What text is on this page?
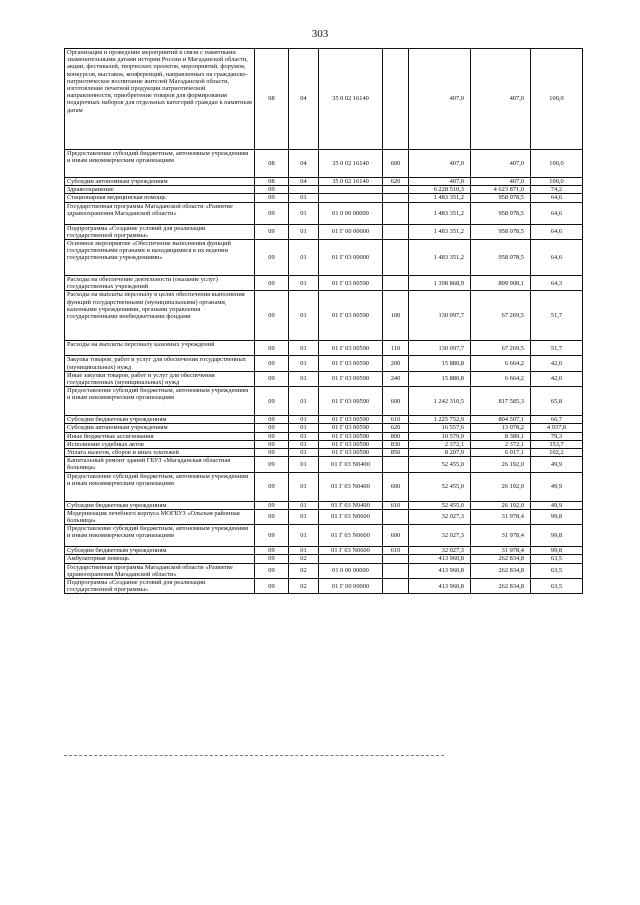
303
Организация и проведение мероприятий в связи с памятными знаменательными датами истории России и Магаданской области, акции, фестивалей, творческих проектов, мероприятий, форумов, конкурсов, выставок, конференций, направленных на гражданско-патриотическое воспитание жителей Магаданской области, изготовление печатной продукции патриотической направленности, приобретение товаров для формирования подарочных наборов для отдельных категорий граждан к памятным датам	08	04	35 0 02 16140		407,0	407,0	100,0
Предоставление субсидий бюджетным, автономным учреждениям и иным некоммерческим организациям	08	04	35 0 02 16140	600	407,0	407,0	100,0
Субсидии автономным учреждениям	08	04	35 0 02 16140	620	407,0	407,0	100,0
Здравоохранение	09				6 228 510,3	4 623 871,0	74,2
Стационарная медицинская помощь	09	01			1 483 351,2	958 078,5	64,6
Государственная программа Магаданской области «Развитие здравоохранения Магаданской области»	09	01	01 0 00 00000		1 483 351,2	958 078,5	64,6
Подпрограмма «Создание условий для реализации государственной программы»	09	01	01 Г 00 00000		1 483 351,2	958 078,5	64,6
Основное мероприятие «Обеспечение выполнения функций государственными органами и находящимися в их ведении государственными учреждениями»	09	01	01 Г 03 00000		1 483 351,2	958 078,5	64,6
Расходы на обеспечение деятельности (оказание услуг) государственных учреждений	09	01	01 Г 03 00590		1 398 868,9	899 908,1	64,3
Расходы на выплаты персоналу в целях обеспечения выполнения функций государственными (муниципальными) органами, казенными учреждениями, органами управления государственными внебюджетными фондами	09	01	01 Г 03 00590	100	130 097,7	67 269,5	51,7
Расходы на выплаты персоналу казенных учреждений	09	01	01 Г 03 00590	110	130 097,7	67 269,5	51,7
Закупка товаров, работ и услуг для обеспечения государственных (муниципальных) нужд	09	01	01 Г 03 00590	200	15 880,8	6 664,2	42,0
Иные закупки товаров, работ и услуг для обеспечения государственных (муниципальных) нужд	09	01	01 Г 03 00590	240	15 880,8	6 664,2	42,0
Предоставление субсидий бюджетным, автономным учреждениям и иным некоммерческим организациям	09	01	01 Г 03 00590	600	1 242 310,5	817 585,3	65,8
Субсидии бюджетным учреждениям	09	01	01 Г 03 00590	610	1 225 752,9	804 507,1	66,7
Субсидии автономным учреждениям	09	01	01 Г 03 00590	620	16 557,6	13 078,2	4 937,8
Иные бюджетные ассигнования	09	01	01 Г 03 00590	800	10 579,9	8 389,1	79,3
Исполнение судебных актов	09	01	01 Г 03 00590	830	2 372,1	2 372,1	353,7
Уплата налогов, сборов и иных платежей	09	01	01 Г 03 00590	850	8 207,9	6 017,1	102,2
Капитальный ремонт зданий ГБУЗ «Магаданская областная больница»	09	01	01 Г 03 N0400		52 455,0	26 192,0	49,9
Предоставление субсидий бюджетным, автономным учреждениям и иным некоммерческим организациям	09	01	01 Г 03 N0400	600	52 455,0	26 192,0	49,9
Субсидии бюджетным учреждениям	09	01	01 Г 03 N0400	610	52 455,0	26 192,0	49,9
Модернизация лечебного корпуса МОГБУЗ «Ольская районная больница»	09	01	01 Г 03 N0600		32 027,3	31 978,4	99,8
Предоставление субсидий бюджетным, автономным учреждениям и иным некоммерческим организациям	09	01	01 Г 03 N0600	600	32 027,3	31 978,4	99,8
Субсидии бюджетным учреждениям	09	01	01 Г 03 N0600	610	32 027,3	31 978,4	99,8
Амбулаторная помощь	09	02			413 960,8	262 834,8	63,5
Государственная программа Магаданской области «Развитие здравоохранения Магаданской области»	09	02	01 0 00 00000		413 960,8	262 834,8	63,5
Подпрограмма «Создание условий для реализации государственной программы»	09	02	01 Г 00 00000		413 960,8	262 834,8	63,5
